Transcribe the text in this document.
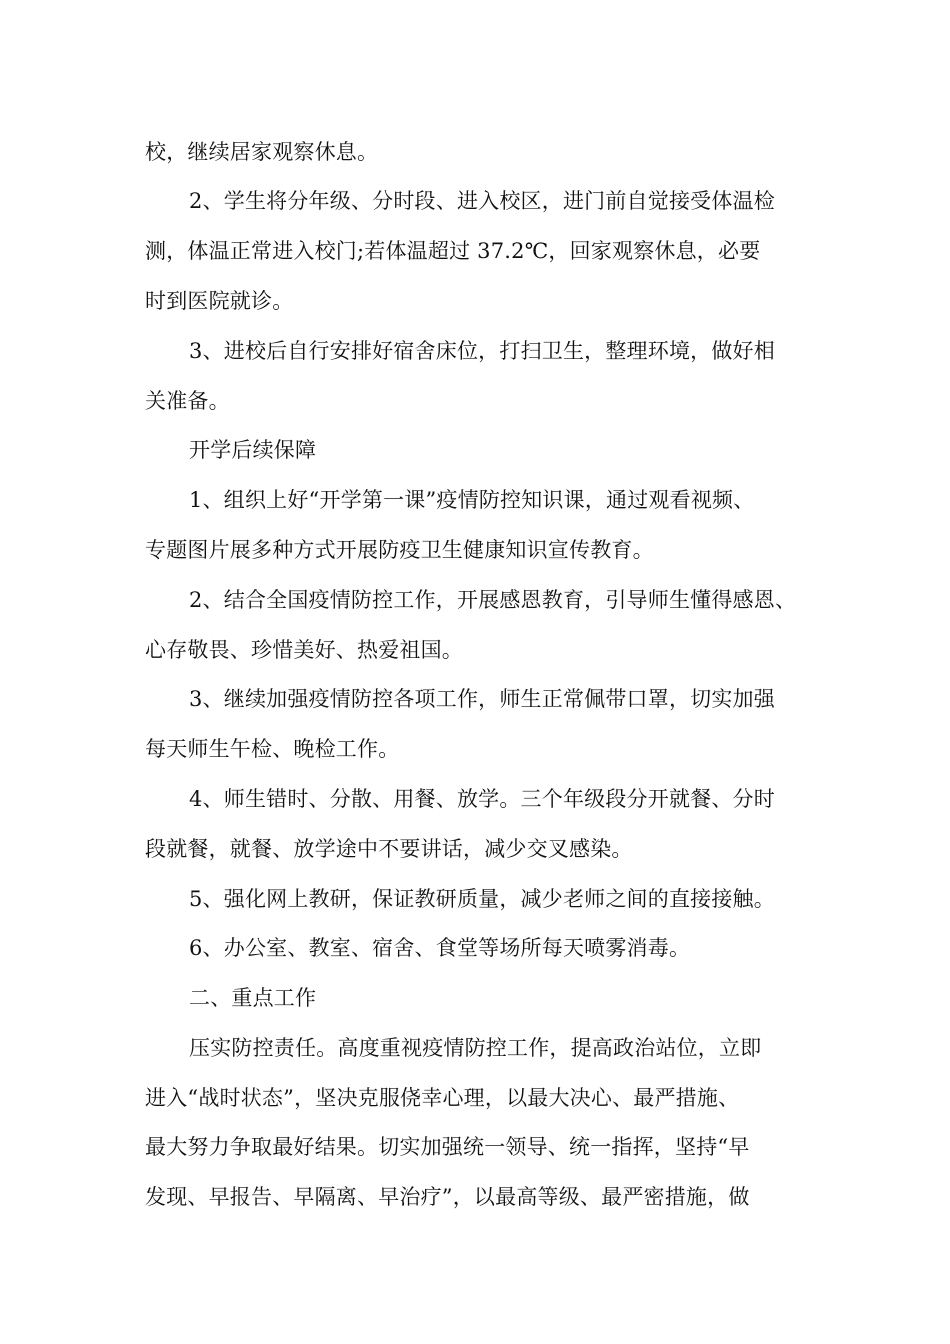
校，继续居家观察休息。
2、学生将分年级、分时段、进入校区，进门前自觉接受体温检
测，体温正常进入校门;若体温超过 37.2℃，回家观察休息，必要
时到医院就诊。
3、进校后自行安排好宿舍床位，打扫卫生，整理环境，做好相
关准备。
开学后续保障
1、组织上好“开学第一课”疫情防控知识课，通过观看视频、
专题图片展多种方式开展防疫卫生健康知识宣传教育。
2、结合全国疫情防控工作，开展感恩教育，引导师生懂得感恩、
心存敬畏、珍惜美好、热爱祖国。
3、继续加强疫情防控各项工作，师生正常佩带口罩，切实加强
每天师生午检、晚检工作。
4、师生错时、分散、用餐、放学。三个年级段分开就餐、分时
段就餐，就餐、放学途中不要讲话，减少交叉感染。
5、强化网上教研，保证教研质量，减少老师之间的直接接触。
6、办公室、教室、宿舍、食堂等场所每天喷雾消毒。
二、重点工作
压实防控责任。高度重视疫情防控工作，提高政治站位，立即
进入“战时状态”，坚决克服侥幸心理，以最大决心、最严措施、
最大努力争取最好结果。切实加强统一领导、统一指挥，坚持“早
发现、早报告、早隔离、早治疗”，以最高等级、最严密措施，做
